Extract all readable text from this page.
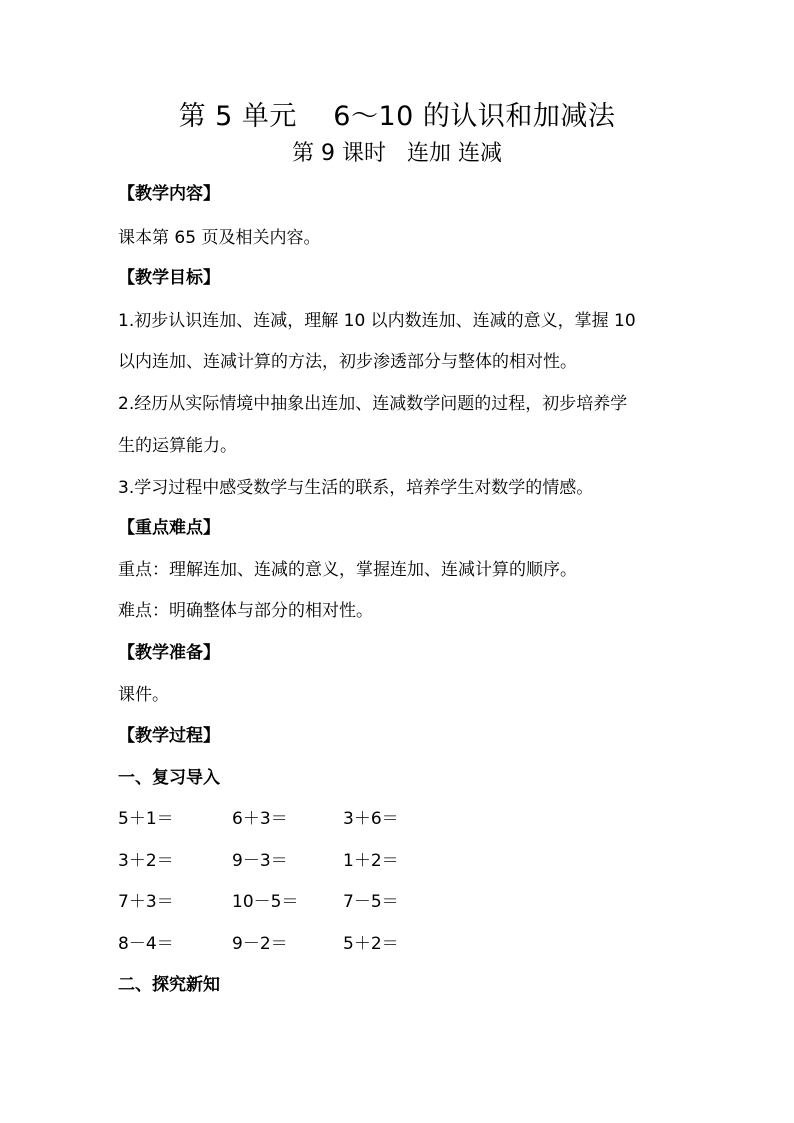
第 5 单元    6～10 的认识和加减法
第 9 课时   连加 连减
【教学内容】
课本第 65 页及相关内容。
【教学目标】
1.初步认识连加、连减，理解 10 以内数连加、连减的意义，掌握 10
以内连加、连减计算的方法，初步渗透部分与整体的相对性。
2.经历从实际情境中抽象出连加、连减数学问题的过程，初步培养学
生的运算能力。
3.学习过程中感受数学与生活的联系，培养学生对数学的情感。
【重点难点】
重点：理解连加、连减的意义，掌握连加、连减计算的顺序。
难点：明确整体与部分的相对性。
【教学准备】
课件。
【教学过程】
一、复习导入
5＋1＝	6＋3＝	3＋6＝
3＋2＝	9－3＝	1＋2＝
7＋3＝	10－5＝	7－5＝
8－4＝	9－2＝	5＋2＝
二、探究新知
